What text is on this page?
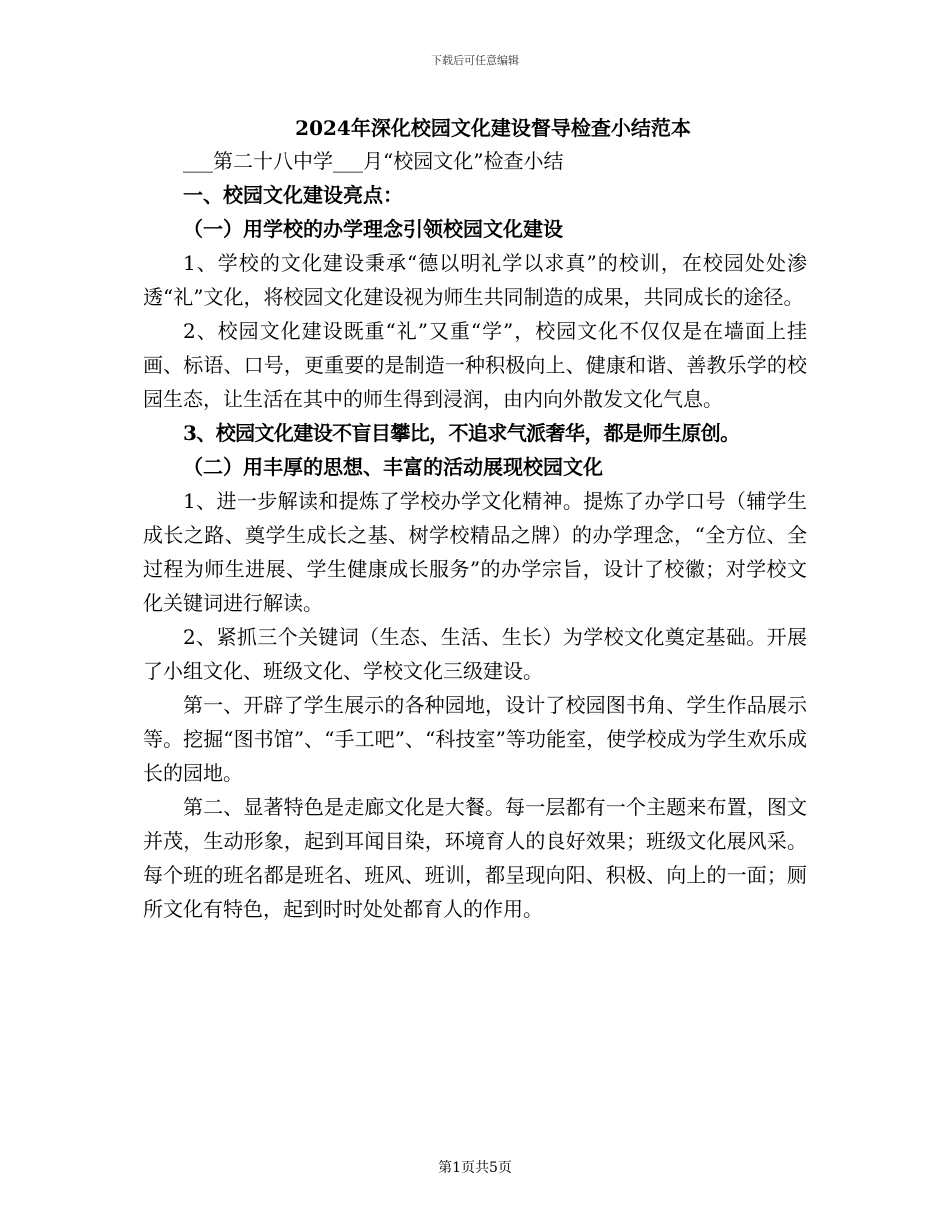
下载后可任意编辑

2024年深化校园文化建设督导检查小结范本

___第二十八中学___月“校园文化”检查小结

一、校园文化建设亮点：

（一）用学校的办学理念引领校园文化建设

1、学校的文化建设秉承“德以明礼学以求真”的校训，在校园处处渗透“礼”文化，将校园文化建设视为师生共同制造的成果，共同成长的途径。

2、校园文化建设既重“礼”又重“学”，校园文化不仅仅是在墙面上挂画、标语、口号，更重要的是制造一种积极向上、健康和谐、善教乐学的校园生态，让生活在其中的师生得到浸润，由内向外散发文化气息。

3、校园文化建设不盲目攀比，不追求气派奢华，都是师生原创。

（二）用丰厚的思想、丰富的活动展现校园文化

1、进一步解读和提炼了学校办学文化精神。提炼了办学口号（辅学生成长之路、奠学生成长之基、树学校精品之牌）的办学理念，“全方位、全过程为师生进展、学生健康成长服务”的办学宗旨，设计了校徽；对学校文化关键词进行解读。

2、紧抓三个关键词（生态、生活、生长）为学校文化奠定基础。开展了小组文化、班级文化、学校文化三级建设。

第一、开辟了学生展示的各种园地，设计了校园图书角、学生作品展示等。挖掘“图书馆”、“手工吧”、“科技室”等功能室，使学校成为学生欢乐成长的园地。

第二、显著特色是走廊文化是大餐。每一层都有一个主题来布置，图文并茂，生动形象，起到耳闻目染，环境育人的良好效果；班级文化展风采。每个班的班名都是班名、班风、班训，都呈现向阳、积极、向上的一面；厕所文化有特色，起到时时处处都育人的作用。

第1页共5页
